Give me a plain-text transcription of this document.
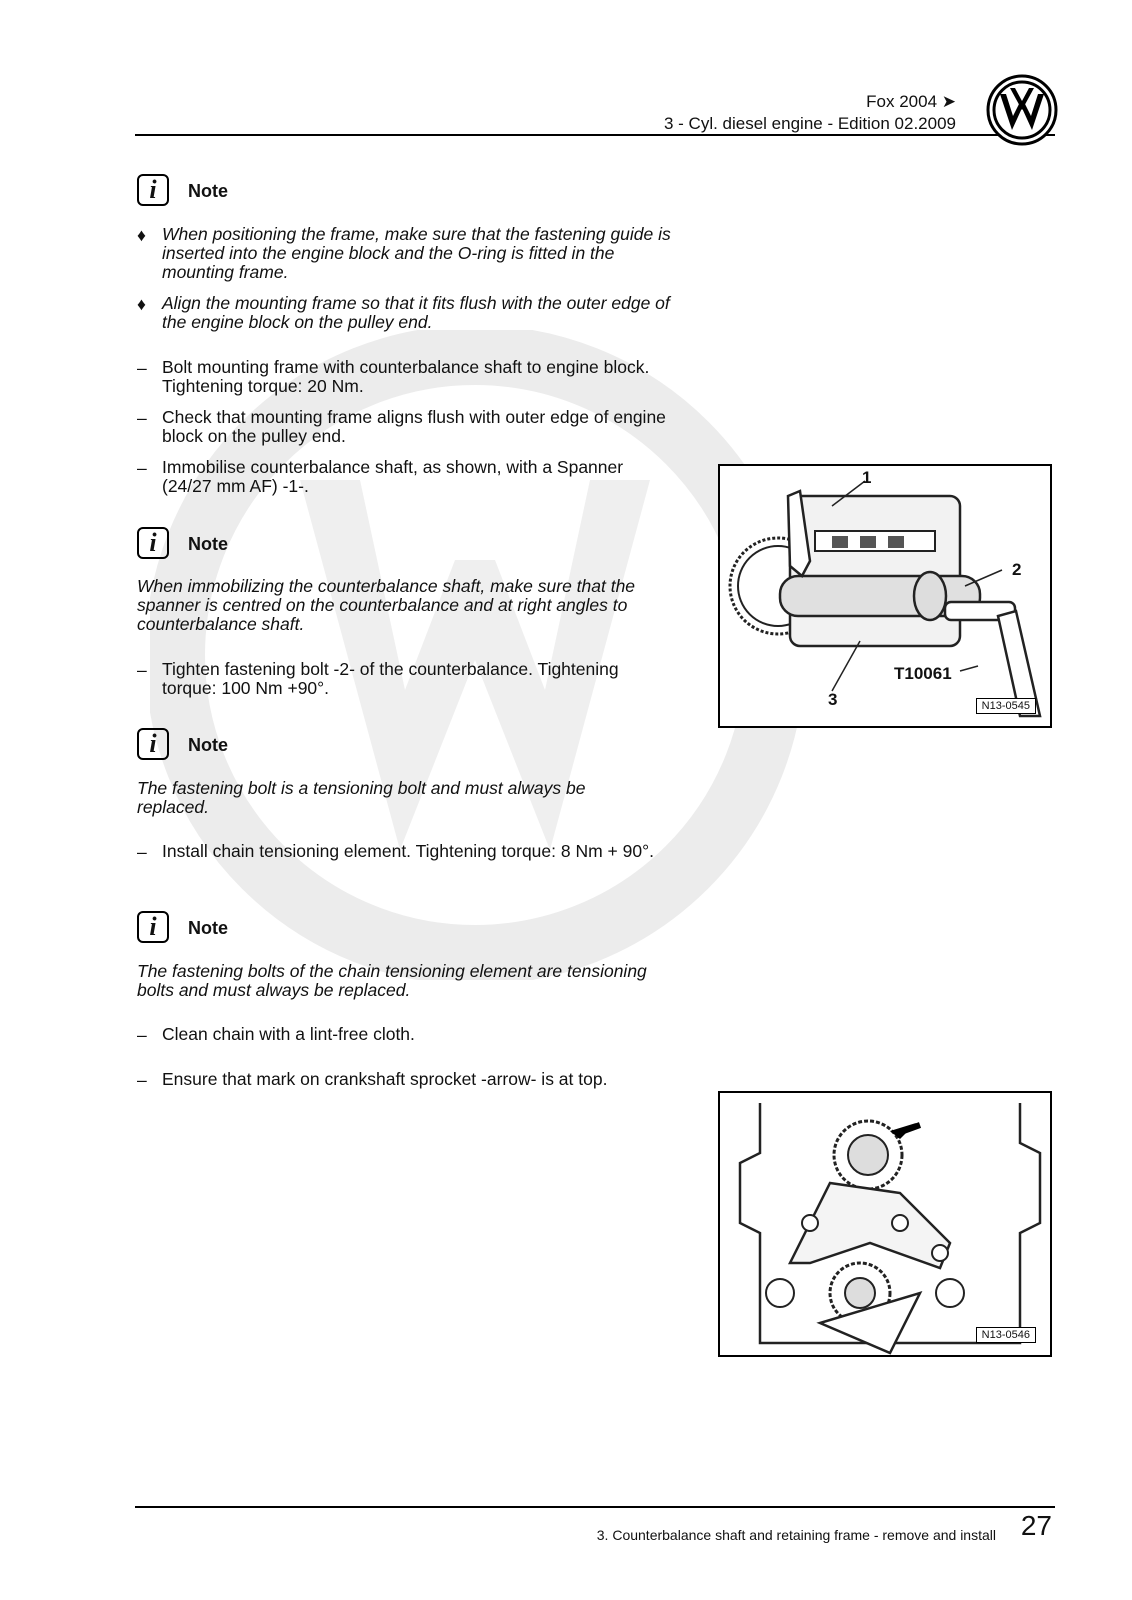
Fox 2004 ➤
3 - Cyl. diesel engine - Edition 02.2009
i Note
♦ When positioning the frame, make sure that the fastening guide is inserted into the engine block and the O-ring is fitted in the mounting frame.
♦ Align the mounting frame so that it fits flush with the outer edge of the engine block on the pulley end.
– Bolt mounting frame with counterbalance shaft to engine block. Tightening torque: 20 Nm.
– Check that mounting frame aligns flush with outer edge of engine block on the pulley end.
– Immobilise counterbalance shaft, as shown, with a Spanner (24/27 mm AF) -1-.
i Note
When immobilizing the counterbalance shaft, make sure that the spanner is centred on the counterbalance and at right angles to counterbalance shaft.
– Tighten fastening bolt -2- of the counterbalance. Tightening torque: 100 Nm +90°.
i Note
The fastening bolt is a tensioning bolt and must always be replaced.
– Install chain tensioning element. Tightening torque: 8 Nm + 90°.
i Note
The fastening bolts of the chain tensioning element are tensioning bolts and must always be replaced.
– Clean chain with a lint-free cloth.
– Ensure that mark on crankshaft sprocket -arrow- is at top.
1
2
3
T10061
N13-0545
N13-0546
3. Counterbalance shaft and retaining frame - remove and install 27
